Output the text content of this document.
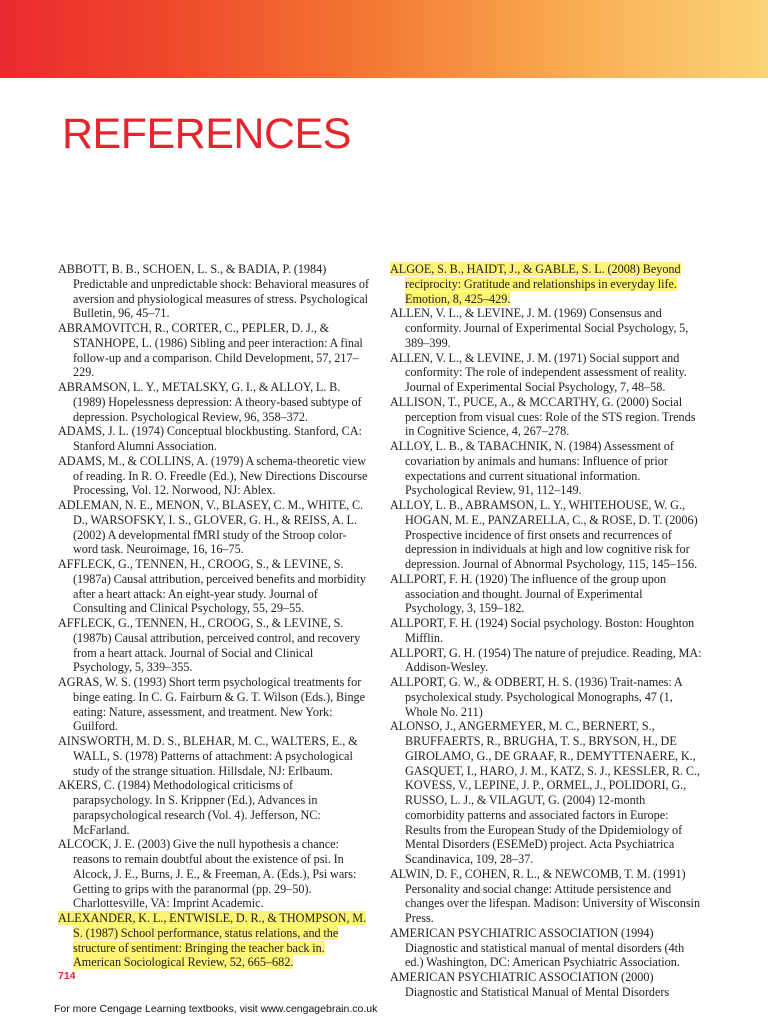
REFERENCES

ABBOTT, B. B., SCHOEN, L. S., & BADIA, P. (1984) Predictable and unpredictable shock: Behavioral measures of aversion and physiological measures of stress. Psychological Bulletin, 96, 45–71.

ABRAMOVITCH, R., CORTER, C., PEPLER, D. J., & STANHOPE, L. (1986) Sibling and peer interaction: A final follow-up and a comparison. Child Development, 57, 217–229.

ABRAMSON, L. Y., METALSKY, G. I., & ALLOY, L. B. (1989) Hopelessness depression: A theory-based subtype of depression. Psychological Review, 96, 358–372.

ADAMS, J. L. (1974) Conceptual blockbusting. Stanford, CA: Stanford Alumni Association.

ADAMS, M., & COLLINS, A. (1979) A schema-theoretic view of reading. In R. O. Freedle (Ed.), New Directions Discourse Processing, Vol. 12. Norwood, NJ: Ablex.

ADLEMAN, N. E., MENON, V., BLASEY, C. M., WHITE, C. D., WARSOFSKY, I. S., GLOVER, G. H., & REISS, A. L. (2002) A developmental fMRI study of the Stroop color-word task. Neuroimage, 16, 16–75.

AFFLECK, G., TENNEN, H., CROOG, S., & LEVINE, S. (1987a) Causal attribution, perceived benefits and morbidity after a heart attack: An eight-year study. Journal of Consulting and Clinical Psychology, 55, 29–55.

AFFLECK, G., TENNEN, H., CROOG, S., & LEVINE, S. (1987b) Causal attribution, perceived control, and recovery from a heart attack. Journal of Social and Clinical Psychology, 5, 339–355.

AGRAS, W. S. (1993) Short term psychological treatments for binge eating. In C. G. Fairburn & G. T. Wilson (Eds.), Binge eating: Nature, assessment, and treatment. New York: Guilford.

AINSWORTH, M. D. S., BLEHAR, M. C., WALTERS, E., & WALL, S. (1978) Patterns of attachment: A psychological study of the strange situation. Hillsdale, NJ: Erlbaum.

AKERS, C. (1984) Methodological criticisms of parapsychology. In S. Krippner (Ed.), Advances in parapsychological research (Vol. 4). Jefferson, NC: McFarland.

ALCOCK, J. E. (2003) Give the null hypothesis a chance: reasons to remain doubtful about the existence of psi. In Alcock, J. E., Burns, J. E., & Freeman, A. (Eds.), Psi wars: Getting to grips with the paranormal (pp. 29–50). Charlottesville, VA: Imprint Academic.

ALEXANDER, K. L., ENTWISLE, D. R., & THOMPSON, M. S. (1987) School performance, status relations, and the structure of sentiment: Bringing the teacher back in. American Sociological Review, 52, 665–682.

ALGOE, S. B., HAIDT, J., & GABLE, S. L. (2008) Beyond reciprocity: Gratitude and relationships in everyday life. Emotion, 8, 425–429.

ALLEN, V. L., & LEVINE, J. M. (1969) Consensus and conformity. Journal of Experimental Social Psychology, 5, 389–399.

ALLEN, V. L., & LEVINE, J. M. (1971) Social support and conformity: The role of independent assessment of reality. Journal of Experimental Social Psychology, 7, 48–58.

ALLISON, T., PUCE, A., & MCCARTHY, G. (2000) Social perception from visual cues: Role of the STS region. Trends in Cognitive Science, 4, 267–278.

ALLOY, L. B., & TABACHNIK, N. (1984) Assessment of covariation by animals and humans: Influence of prior expectations and current situational information. Psychological Review, 91, 112–149.

ALLOY, L. B., ABRAMSON, L. Y., WHITEHOUSE, W. G., HOGAN, M. E., PANZARELLA, C., & ROSE, D. T. (2006) Prospective incidence of first onsets and recurrences of depression in individuals at high and low cognitive risk for depression. Journal of Abnormal Psychology, 115, 145–156.

ALLPORT, F. H. (1920) The influence of the group upon association and thought. Journal of Experimental Psychology, 3, 159–182.

ALLPORT, F. H. (1924) Social psychology. Boston: Houghton Mifflin.

ALLPORT, G. H. (1954) The nature of prejudice. Reading, MA: Addison-Wesley.

ALLPORT, G. W., & ODBERT, H. S. (1936) Trait-names: A psycholexical study. Psychological Monographs, 47 (1, Whole No. 211)

ALONSO, J., ANGERMEYER, M. C., BERNERT, S., BRUFFAERTS, R., BRUGHA, T. S., BRYSON, H., DE GIROLAMO, G., DE GRAAF, R., DEMYTTENAERE, K., GASQUET, I., HARO, J. M., KATZ, S. J., KESSLER, R. C., KOVESS, V., LEPINE, J. P., ORMEL, J., POLIDORI, G., RUSSO, L. J., & VILAGUT, G. (2004) 12-month comorbidity patterns and associated factors in Europe: Results from the European Study of the Dpidemiology of Mental Disorders (ESEMeD) project. Acta Psychiatrica Scandinavica, 109, 28–37.

ALWIN, D. F., COHEN, R. L., & NEWCOMB, T. M. (1991) Personality and social change: Attitude persistence and changes over the lifespan. Madison: University of Wisconsin Press.

AMERICAN PSYCHIATRIC ASSOCIATION (1994) Diagnostic and statistical manual of mental disorders (4th ed.) Washington, DC: American Psychiatric Association.

AMERICAN PSYCHIATRIC ASSOCIATION (2000) Diagnostic and Statistical Manual of Mental Disorders

714
For more Cengage Learning textbooks, visit www.cengagebrain.co.uk
